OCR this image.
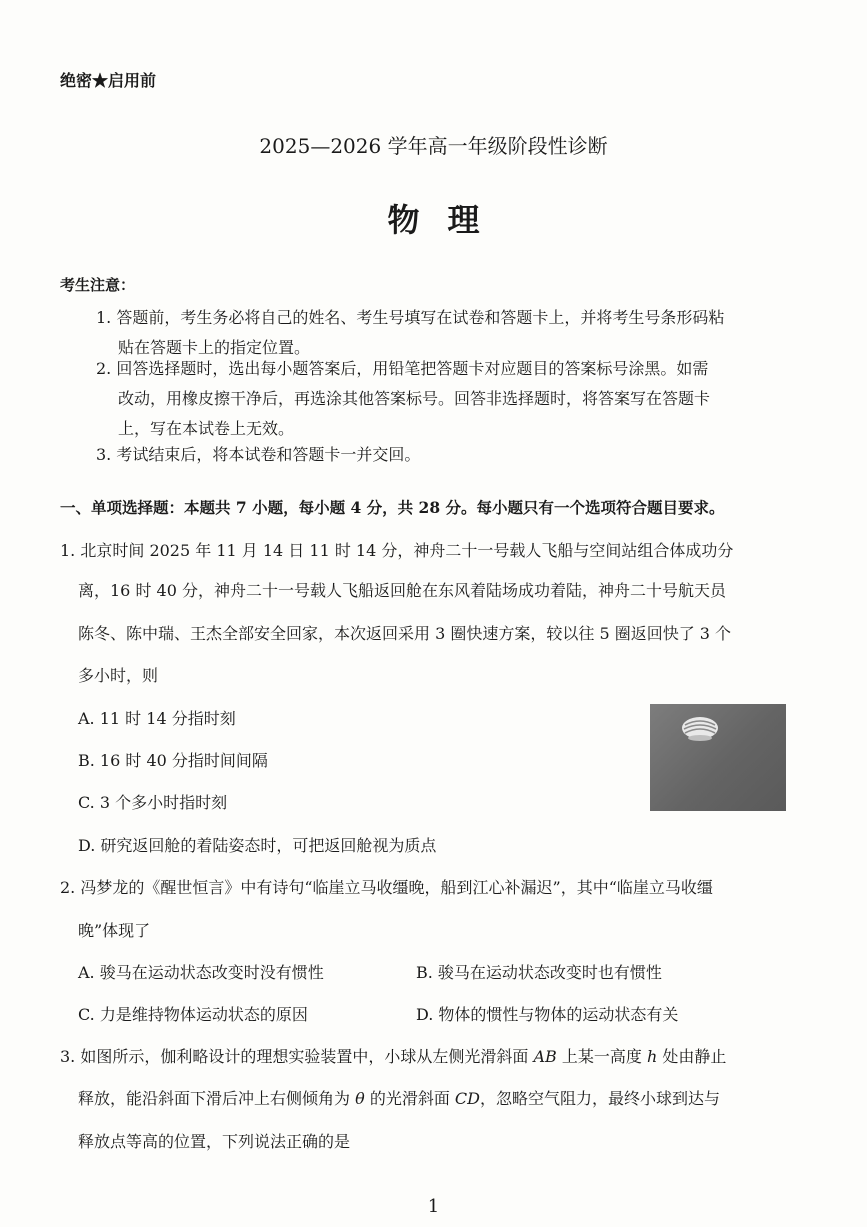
绝密★启用前
2025—2026 学年高一年级阶段性诊断
物理
考生注意：
1. 答题前，考生务必将自己的姓名、考生号填写在试卷和答题卡上，并将考生号条形码粘
贴在答题卡上的指定位置。
2. 回答选择题时，选出每小题答案后，用铅笔把答题卡对应题目的答案标号涂黑。如需
改动，用橡皮擦干净后，再选涂其他答案标号。回答非选择题时，将答案写在答题卡
上，写在本试卷上无效。
3. 考试结束后，将本试卷和答题卡一并交回。
一、单项选择题：本题共 7 小题，每小题 4 分，共 28 分。每小题只有一个选项符合题目要求。
1. 北京时间 2025 年 11 月 14 日 11 时 14 分，神舟二十一号载人飞船与空间站组合体成功分
离，16 时 40 分，神舟二十一号载人飞船返回舱在东风着陆场成功着陆，神舟二十号航天员
陈冬、陈中瑞、王杰全部安全回家，本次返回采用 3 圈快速方案，较以往 5 圈返回快了 3 个
多小时，则
A. 11 时 14 分指时刻
B. 16 时 40 分指时间间隔
C. 3 个多小时指时刻
D. 研究返回舱的着陆姿态时，可把返回舱视为质点
2. 冯梦龙的《醒世恒言》中有诗句“临崖立马收缰晚，船到江心补漏迟”，其中“临崖立马收缰
晚”体现了
A. 骏马在运动状态改变时没有惯性	B. 骏马在运动状态改变时也有惯性
C. 力是维持物体运动状态的原因	D. 物体的惯性与物体的运动状态有关
3. 如图所示，伽利略设计的理想实验装置中，小球从左侧光滑斜面 AB 上某一高度 h 处由静止
释放，能沿斜面下滑后冲上右侧倾角为 θ 的光滑斜面 CD，忽略空气阻力，最终小球到达与
释放点等高的位置，下列说法正确的是
1
